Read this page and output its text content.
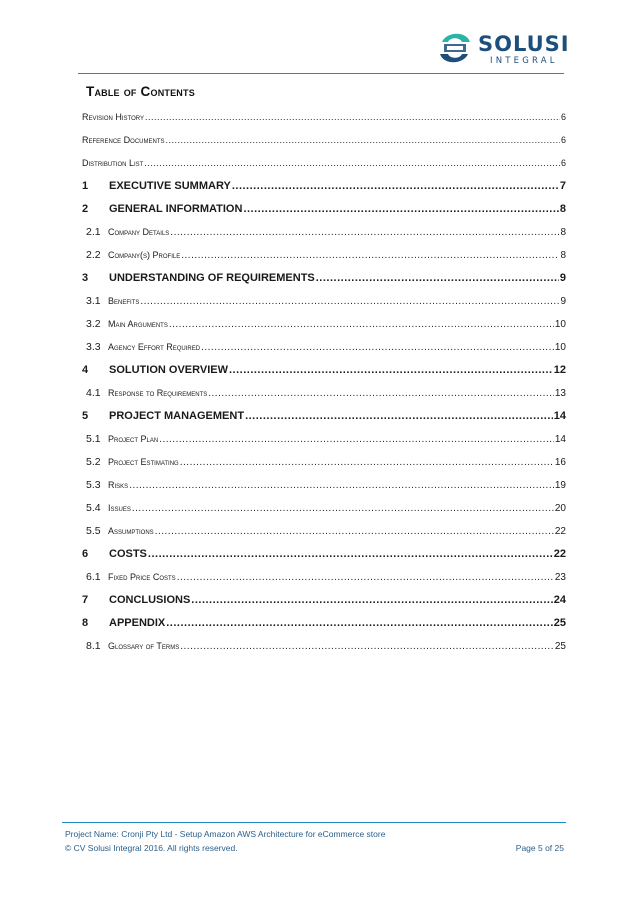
SOLUSI
INTEGRAL
Table of Contents
Revision History .....	6
Reference Documents .....	6
Distribution List .....	6
1	EXECUTIVE SUMMARY .....	7
2	GENERAL INFORMATION .....	8
2.1 Company Details .....	8
2.2 Company(s) Profile .....	8
3	UNDERSTANDING OF REQUIREMENTS .....	9
3.1 Benefits .....	9
3.2 Main Arguments .....	10
3.3 Agency Effort Required .....	10
4	SOLUTION OVERVIEW .....	12
4.1 Response to Requirements .....	13
5	PROJECT MANAGEMENT .....	14
5.1 Project Plan .....	14
5.2 Project Estimating .....	16
5.3 Risks .....	19
5.4 Issues .....	20
5.5 Assumptions .....	22
6	COSTS .....	22
6.1 Fixed Price Costs .....	23
7	CONCLUSIONS .....	24
8	APPENDIX .....	25
8.1 Glossary of Terms .....	25
Project Name: Cronji Pty Ltd - Setup Amazon AWS Architecture for eCommerce store
© CV Solusi Integral 2016. All rights reserved.	Page 5 of 25
